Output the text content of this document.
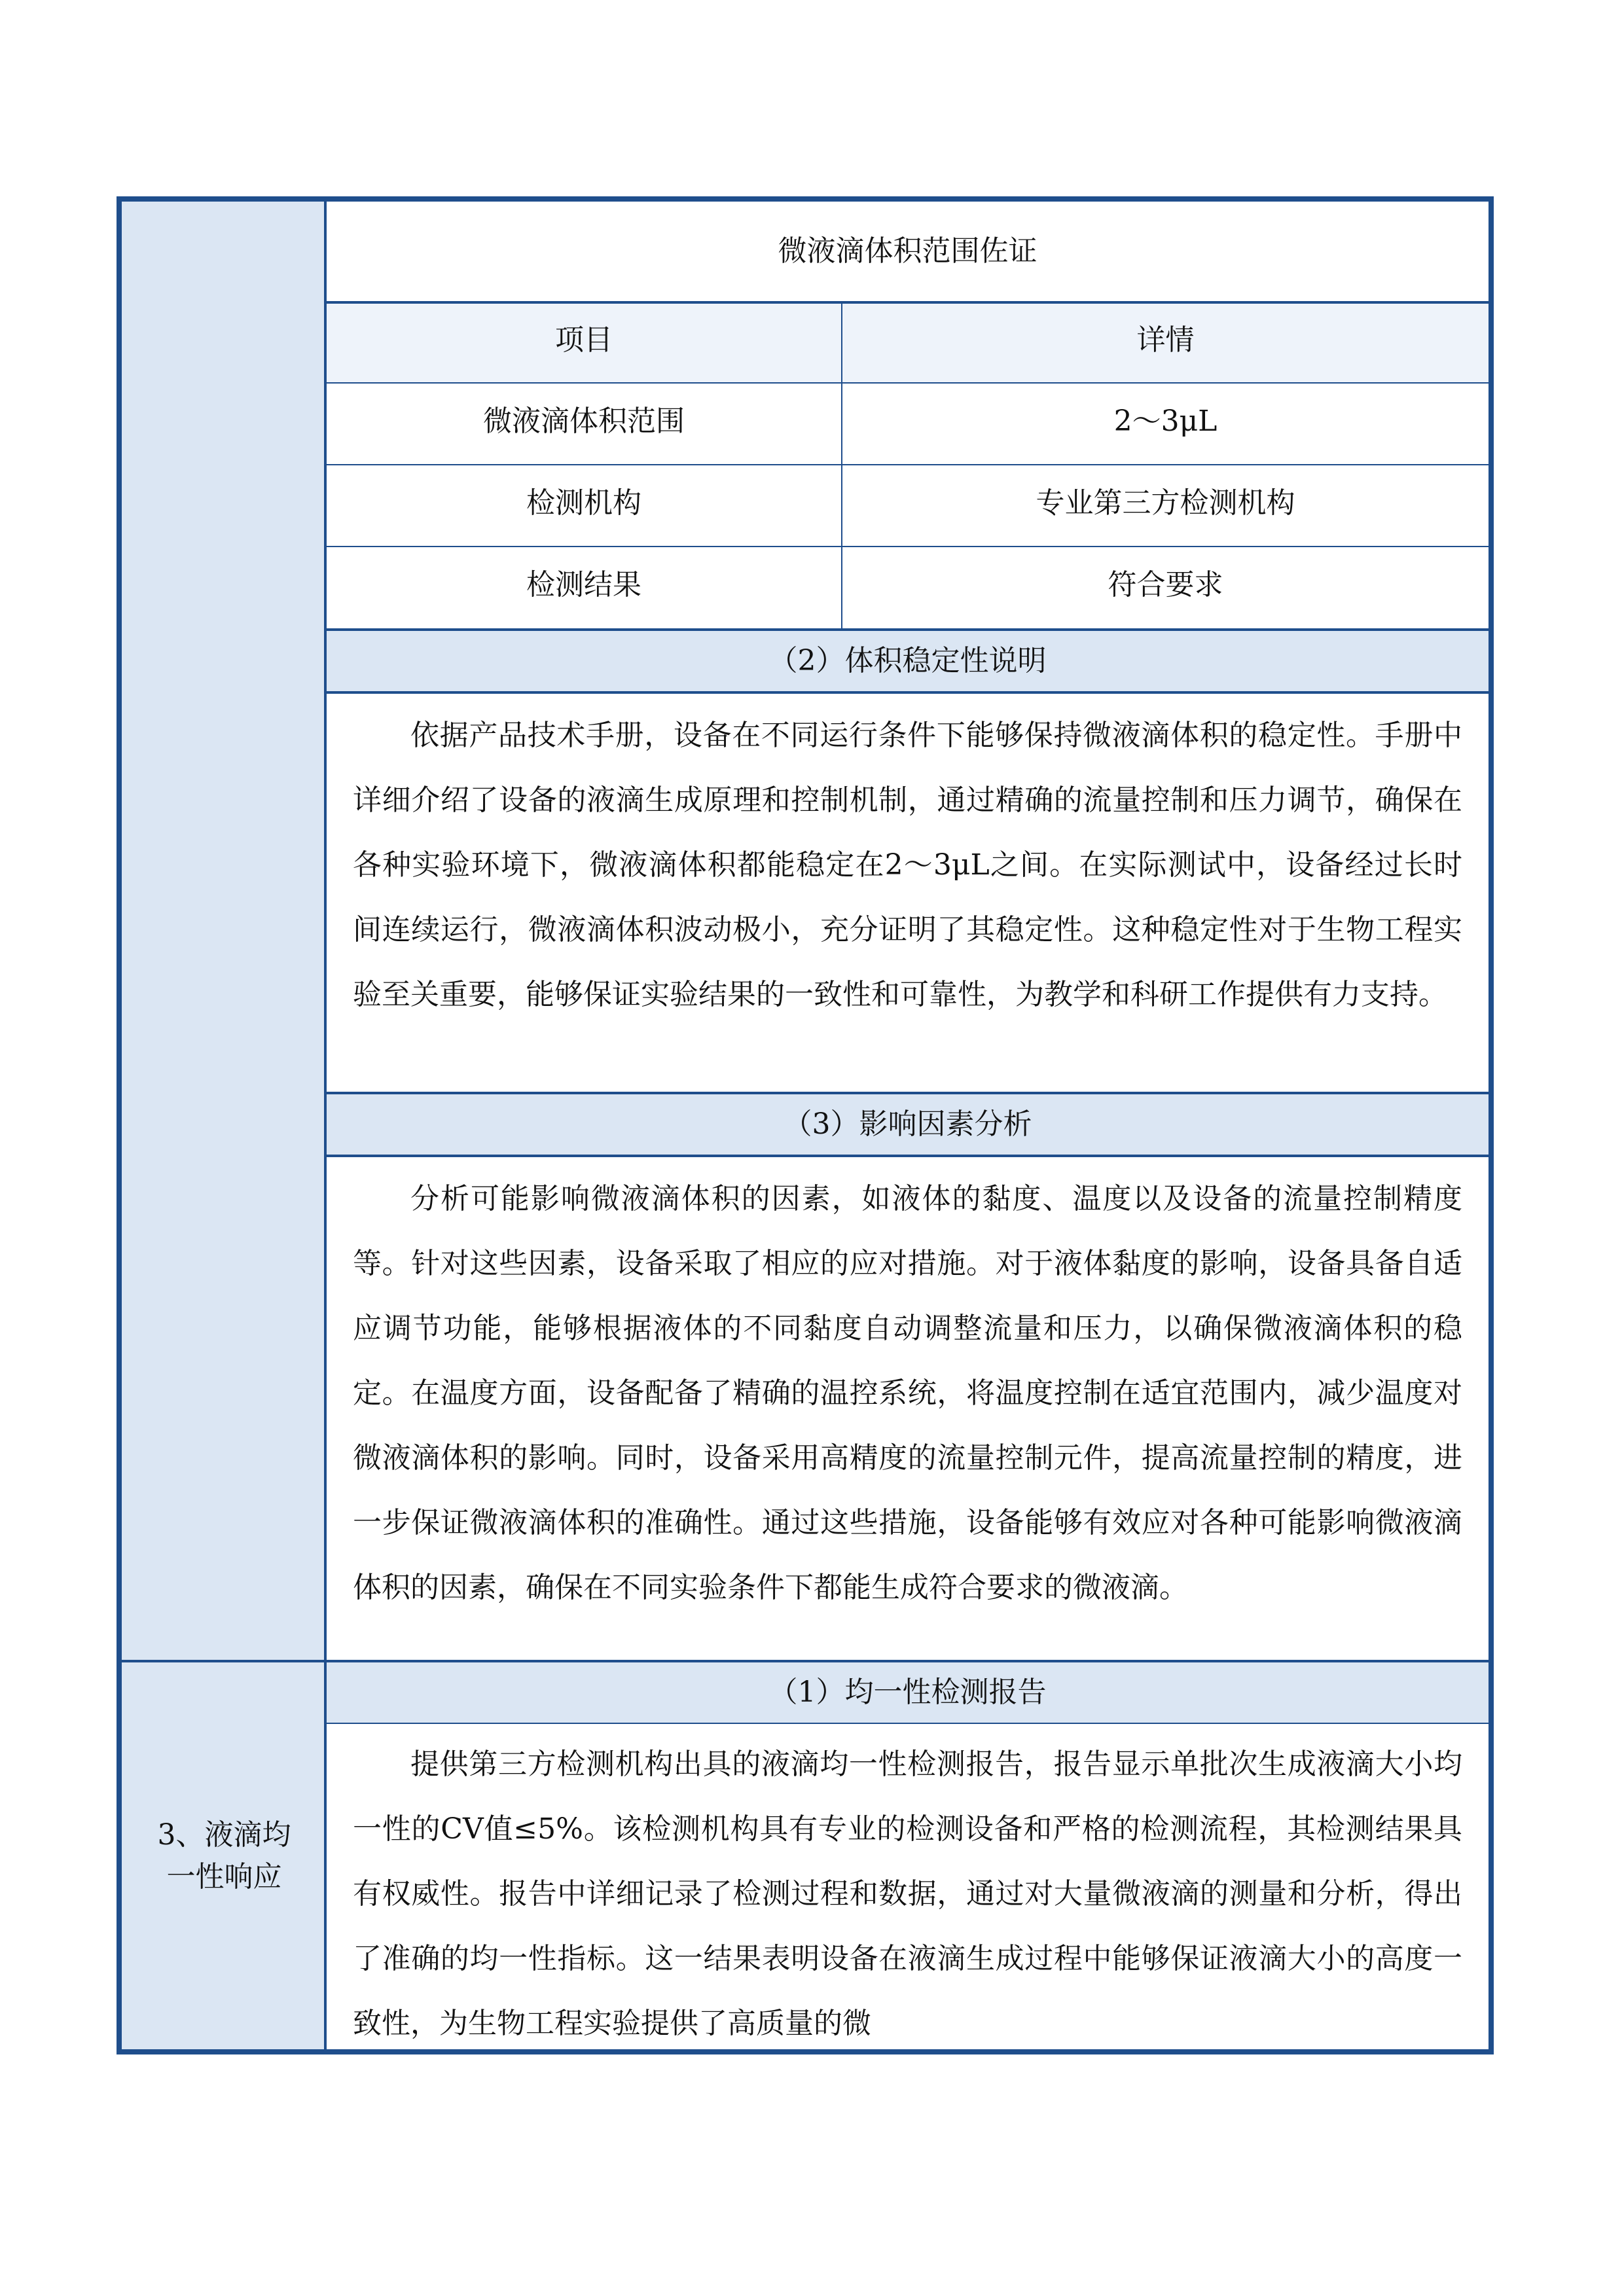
3、液滴均
一性响应
微液滴体积范围佐证
项目	详情
微液滴体积范围	2～3μL
检测机构	专业第三方检测机构
检测结果	符合要求
（2）体积稳定性说明
依据产品技术手册，设备在不同运行条件下能够保持微液滴体积的稳定性。手册中详细介绍了设备的液滴生成原理和控制机制，通过精确的流量控制和压力调节，确保在各种实验环境下，微液滴体积都能稳定在2～3μL之间。在实际测试中，设备经过长时间连续运行，微液滴体积波动极小，充分证明了其稳定性。这种稳定性对于生物工程实验至关重要，能够保证实验结果的一致性和可靠性，为教学和科研工作提供有力支持。
（3）影响因素分析
分析可能影响微液滴体积的因素，如液体的黏度、温度以及设备的流量控制精度等。针对这些因素，设备采取了相应的应对措施。对于液体黏度的影响，设备具备自适应调节功能，能够根据液体的不同黏度自动调整流量和压力，以确保微液滴体积的稳定。在温度方面，设备配备了精确的温控系统，将温度控制在适宜范围内，减少温度对微液滴体积的影响。同时，设备采用高精度的流量控制元件，提高流量控制的精度，进一步保证微液滴体积的准确性。通过这些措施，设备能够有效应对各种可能影响微液滴体积的因素，确保在不同实验条件下都能生成符合要求的微液滴。
（1）均一性检测报告
提供第三方检测机构出具的液滴均一性检测报告，报告显示单批次生成液滴大小均一性的CV值≤5%。该检测机构具有专业的检测设备和严格的检测流程，其检测结果具有权威性。报告中详细记录了检测过程和数据，通过对大量微液滴的测量和分析，得出了准确的均一性指标。这一结果表明设备在液滴生成过程中能够保证液滴大小的高度一致性，为生物工程实验提供了高质量的微
